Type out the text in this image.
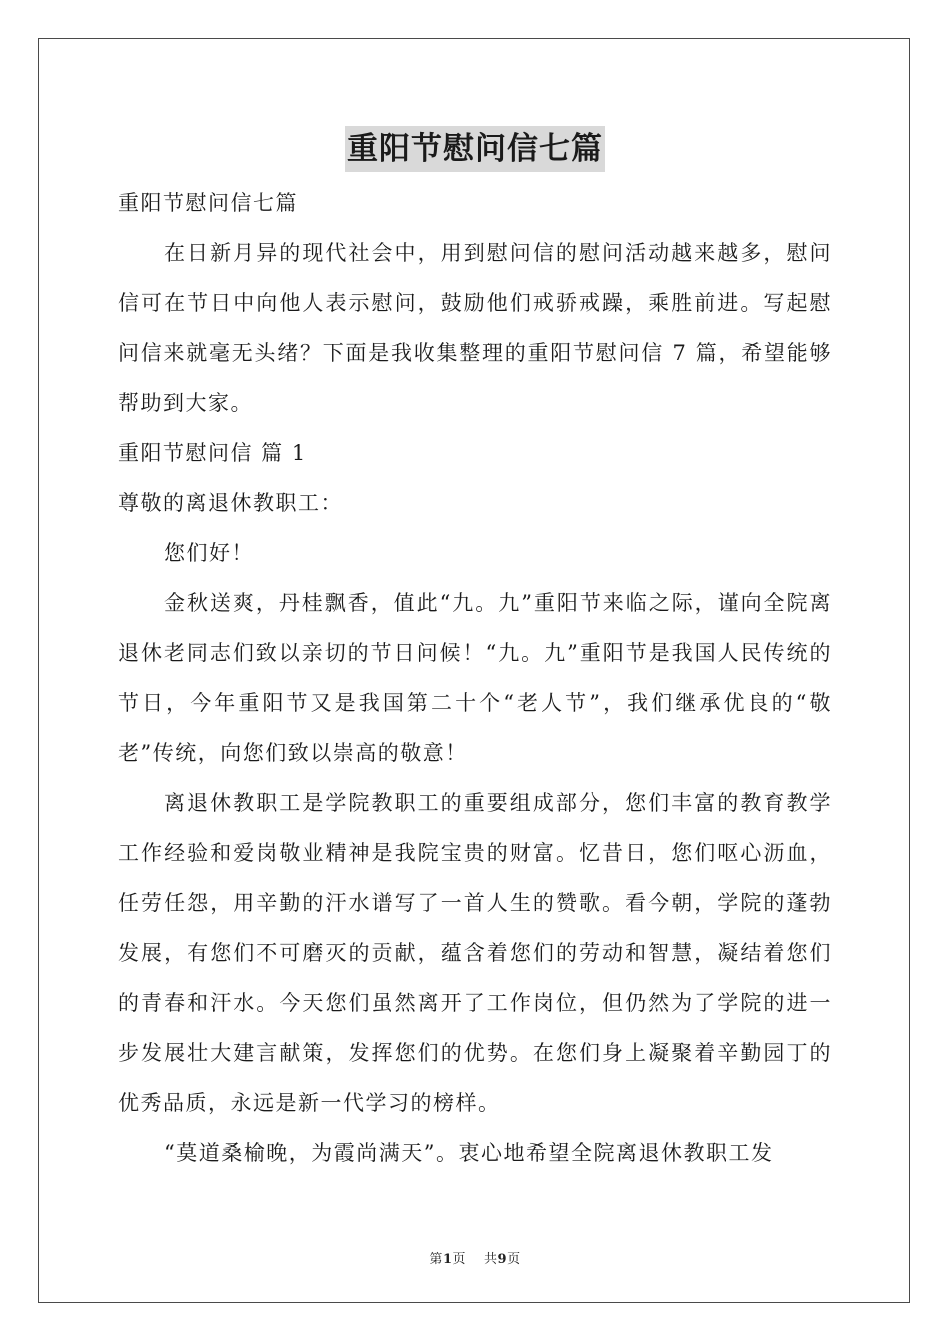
重阳节慰问信七篇

重阳节慰问信七篇

在日新月异的现代社会中，用到慰问信的慰问活动越来越多，慰问信可在节日中向他人表示慰问，鼓励他们戒骄戒躁，乘胜前进。写起慰问信来就毫无头绪？下面是我收集整理的重阳节慰问信 7 篇，希望能够帮助到大家。

重阳节慰问信 篇 1

尊敬的离退休教职工：

您们好！

金秋送爽，丹桂飘香，值此“九。九”重阳节来临之际，谨向全院离退休老同志们致以亲切的节日问候！“九。九”重阳节是我国人民传统的节日，今年重阳节又是我国第二十个“老人节”，我们继承优良的“敬老”传统，向您们致以崇高的敬意！

离退休教职工是学院教职工的重要组成部分，您们丰富的教育教学工作经验和爱岗敬业精神是我院宝贵的财富。忆昔日，您们呕心沥血，任劳任怨，用辛勤的汗水谱写了一首人生的赞歌。看今朝，学院的蓬勃发展，有您们不可磨灭的贡献，蕴含着您们的劳动和智慧，凝结着您们的青春和汗水。今天您们虽然离开了工作岗位，但仍然为了学院的进一步发展壮大建言献策，发挥您们的优势。在您们身上凝聚着辛勤园丁的优秀品质，永远是新一代学习的榜样。

“莫道桑榆晚，为霞尚满天”。衷心地希望全院离退休教职工发

第1页 共9页
